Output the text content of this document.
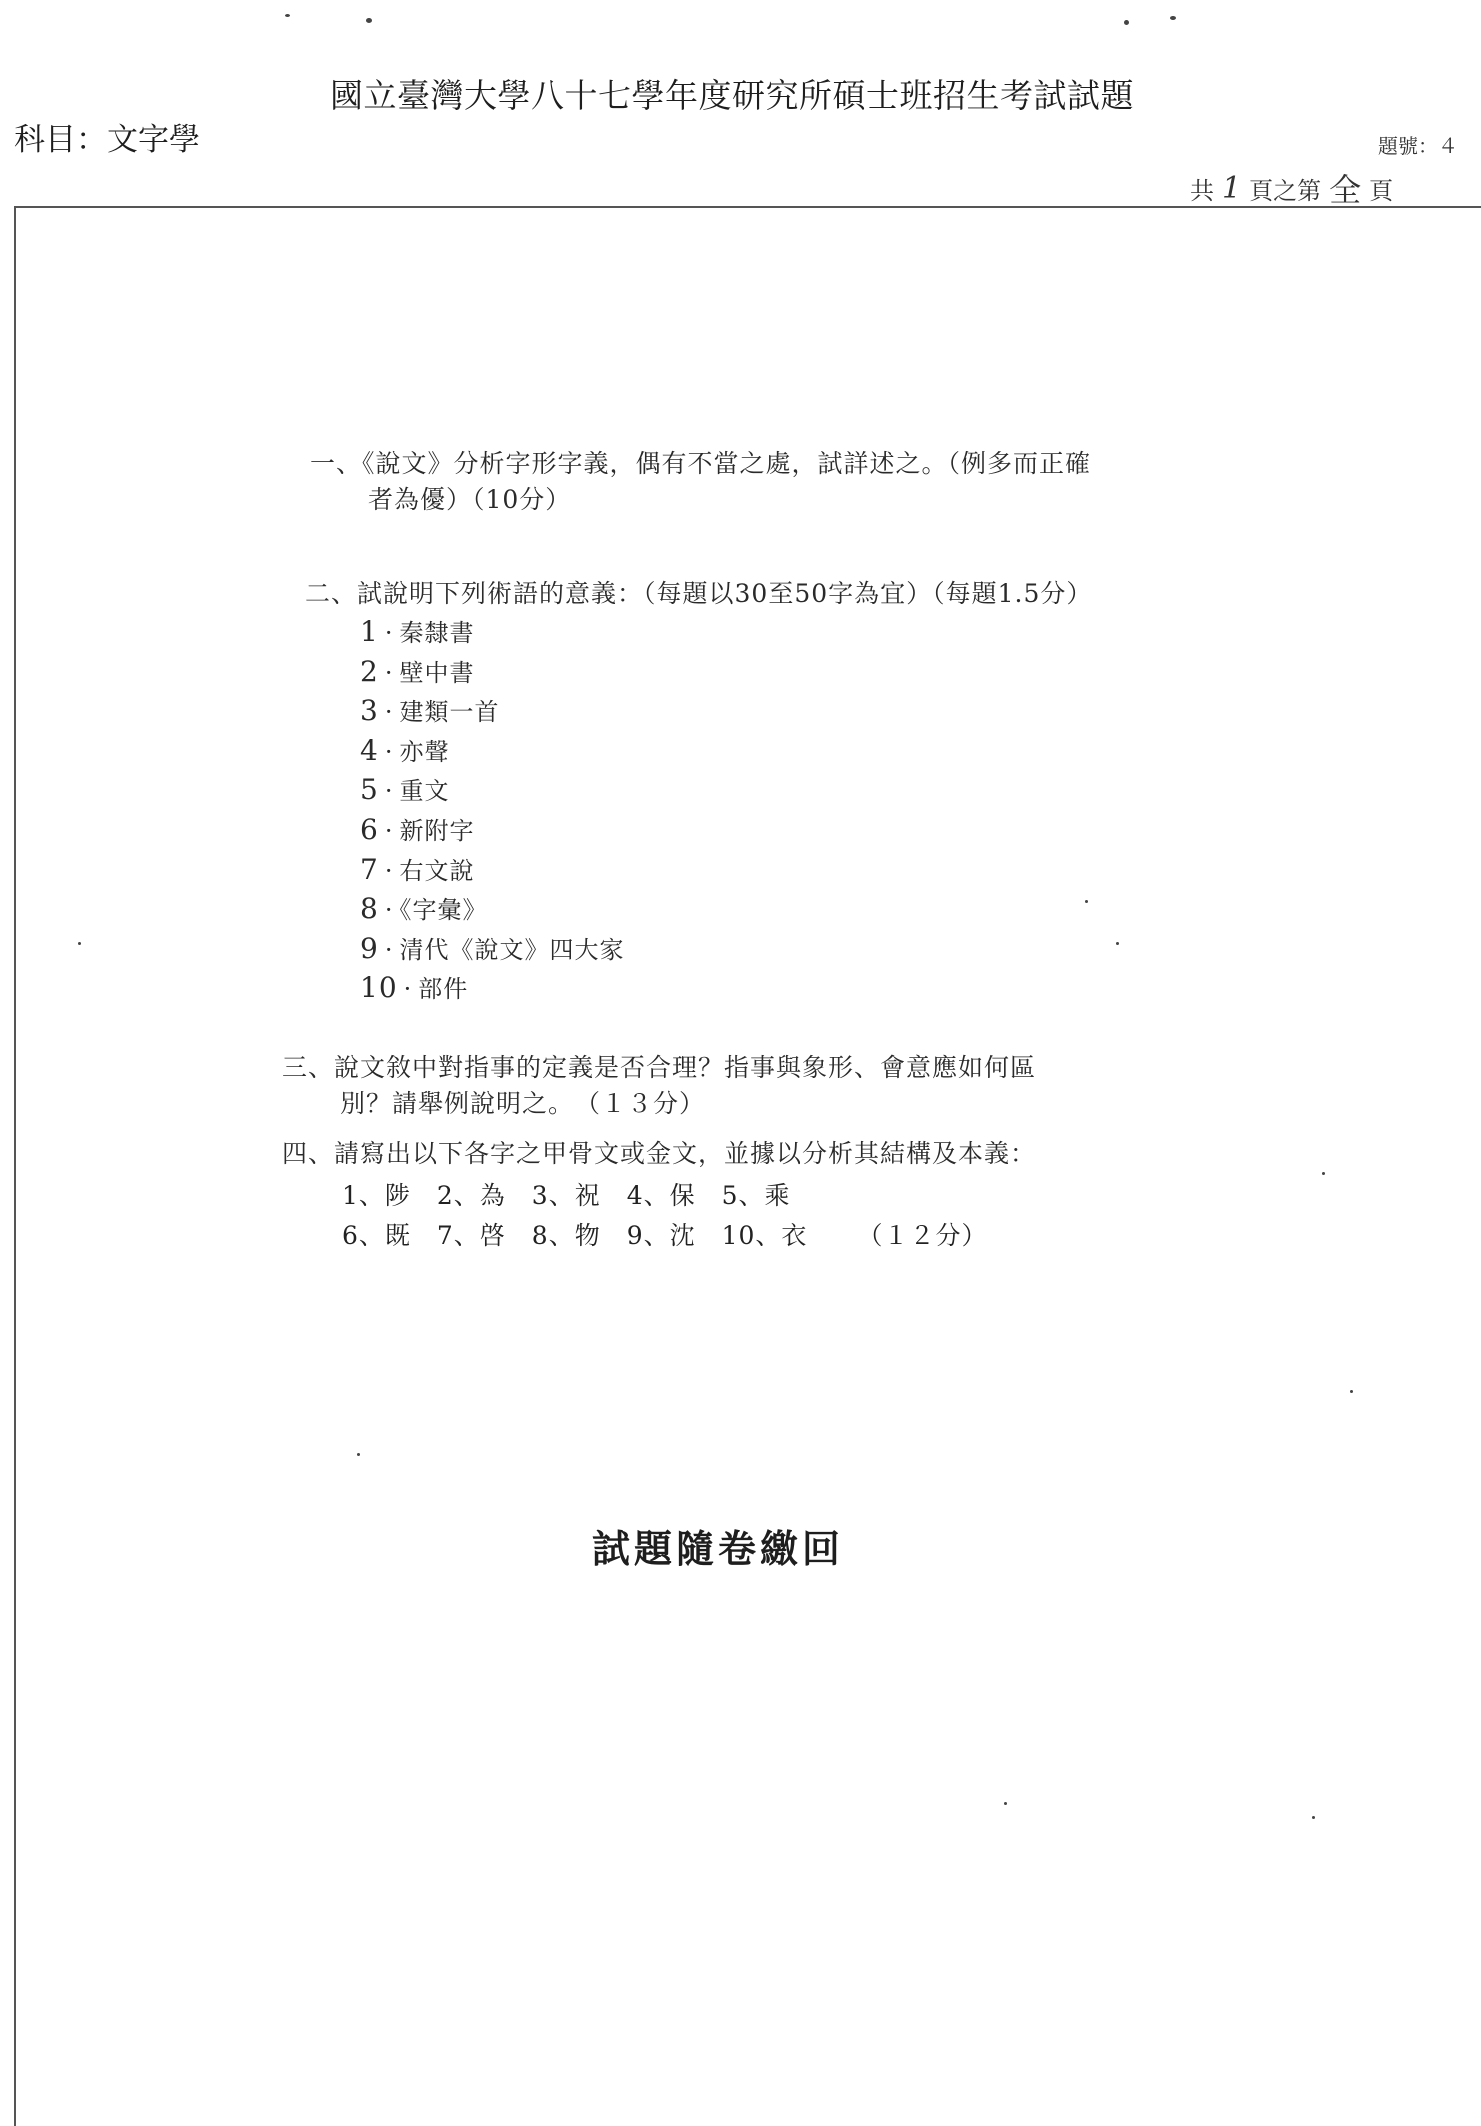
國立臺灣大學八十七學年度研究所碩士班招生考試試題
科目：文字學	題號：４
共 1 頁之第 全 頁
一、《說文》分析字形字義，偶有不當之處，試詳述之。（例多而正確
者為優）（10分）
二、試說明下列術語的意義：（每題以30至50字為宜）（每題1.5分）
1 · 秦隸書
2 · 壁中書
3 · 建類一首
4 · 亦聲
5 · 重文
6 · 新附字
7 · 右文說
8 · 《字彙》
9 · 清代《說文》四大家
10 · 部件
三、說文敘中對指事的定義是否合理？指事與象形、會意應如何區
別？請舉例說明之。　（１３分）
四、請寫出以下各字之甲骨文或金文，並據以分析其結構及本義：
1、陟　2、為　3、祝　4、保　5、乘
6、既　7、啓　8、物　9、沈　10、衣 （１２分）
試題隨卷繳回
